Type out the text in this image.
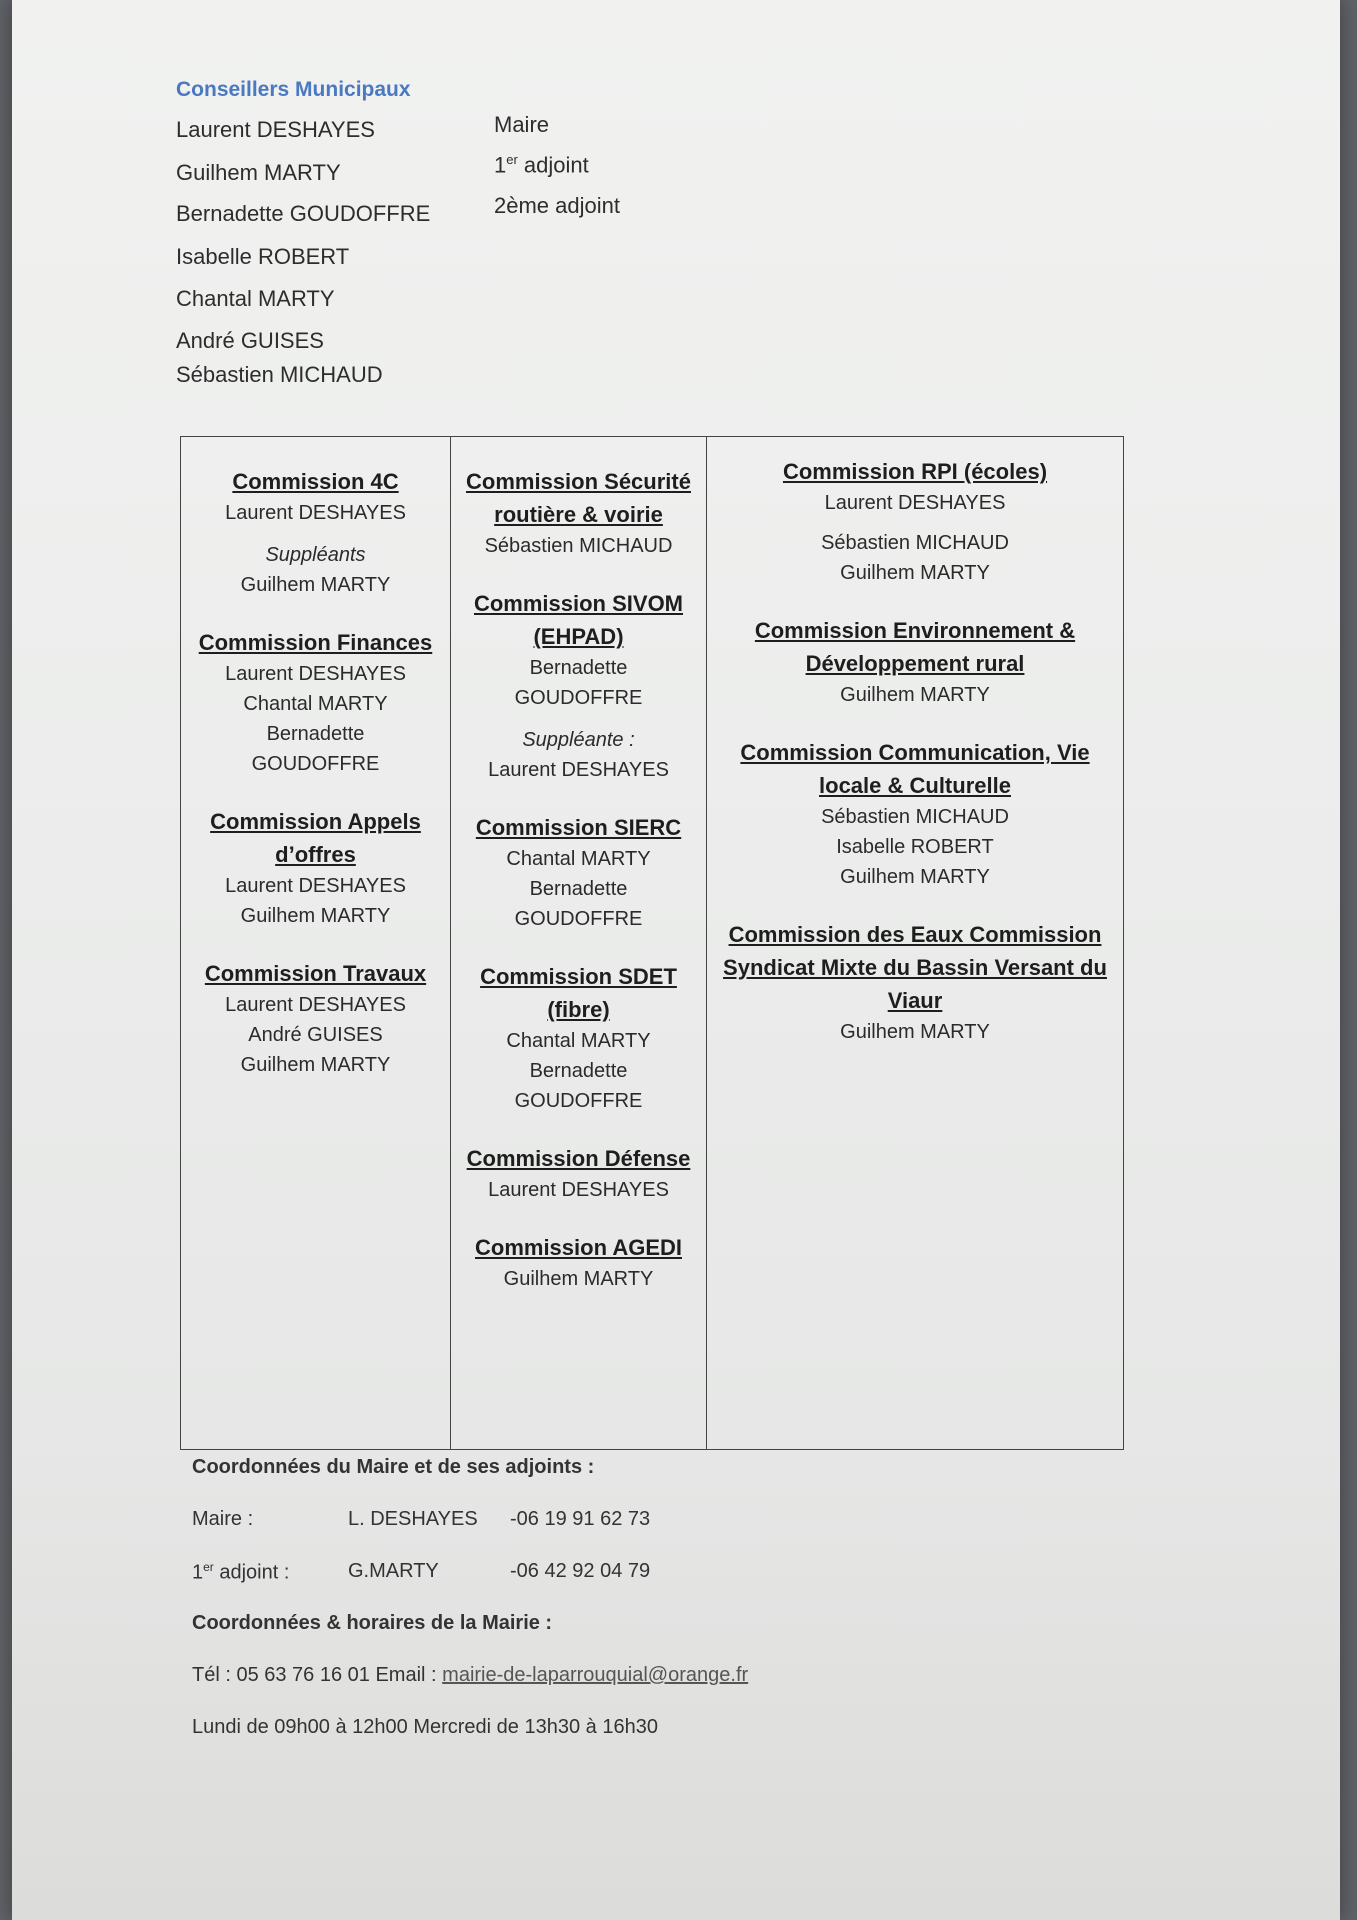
Conseillers Municipaux
Laurent DESHAYES	Maire
Guilhem MARTY	1er adjoint
Bernadette GOUDOFFRE	2ème adjoint
Isabelle ROBERT
Chantal MARTY
André GUISES
Sébastien MICHAUD
Commission 4C
Laurent DESHAYES
Suppléants
Guilhem MARTY
Commission Finances
Laurent DESHAYES
Chantal MARTY
Bernadette
GOUDOFFRE
Commission Appels d’offres
Laurent DESHAYES
Guilhem MARTY
Commission Travaux
Laurent DESHAYES
André GUISES
Guilhem MARTY
Commission Sécurité routière & voirie
Sébastien MICHAUD
Commission SIVOM (EHPAD)
Bernadette
GOUDOFFRE
Suppléante :
Laurent DESHAYES
Commission SIERC
Chantal MARTY
Bernadette
GOUDOFFRE
Commission SDET (fibre)
Chantal MARTY
Bernadette
GOUDOFFRE
Commission Défense
Laurent DESHAYES
Commission AGEDI
Guilhem MARTY
Commission RPI (écoles)
Laurent DESHAYES
Sébastien MICHAUD
Guilhem MARTY
Commission Environnement & Développement rural
Guilhem MARTY
Commission Communication, Vie locale & Culturelle
Sébastien MICHAUD
Isabelle ROBERT
Guilhem MARTY
Commission des Eaux Commission Syndicat Mixte du Bassin Versant du Viaur
Guilhem MARTY
Coordonnées du Maire et de ses adjoints :
Maire :	L. DESHAYES -06 19 91 62 73
1er adjoint :	G.MARTY	-06 42 92 04 79
Coordonnées & horaires de la Mairie :
Tél : 05 63 76 16 01 Email : mairie-de-laparrouquial@orange.fr
Lundi de 09h00 à 12h00 Mercredi de 13h30 à 16h30
